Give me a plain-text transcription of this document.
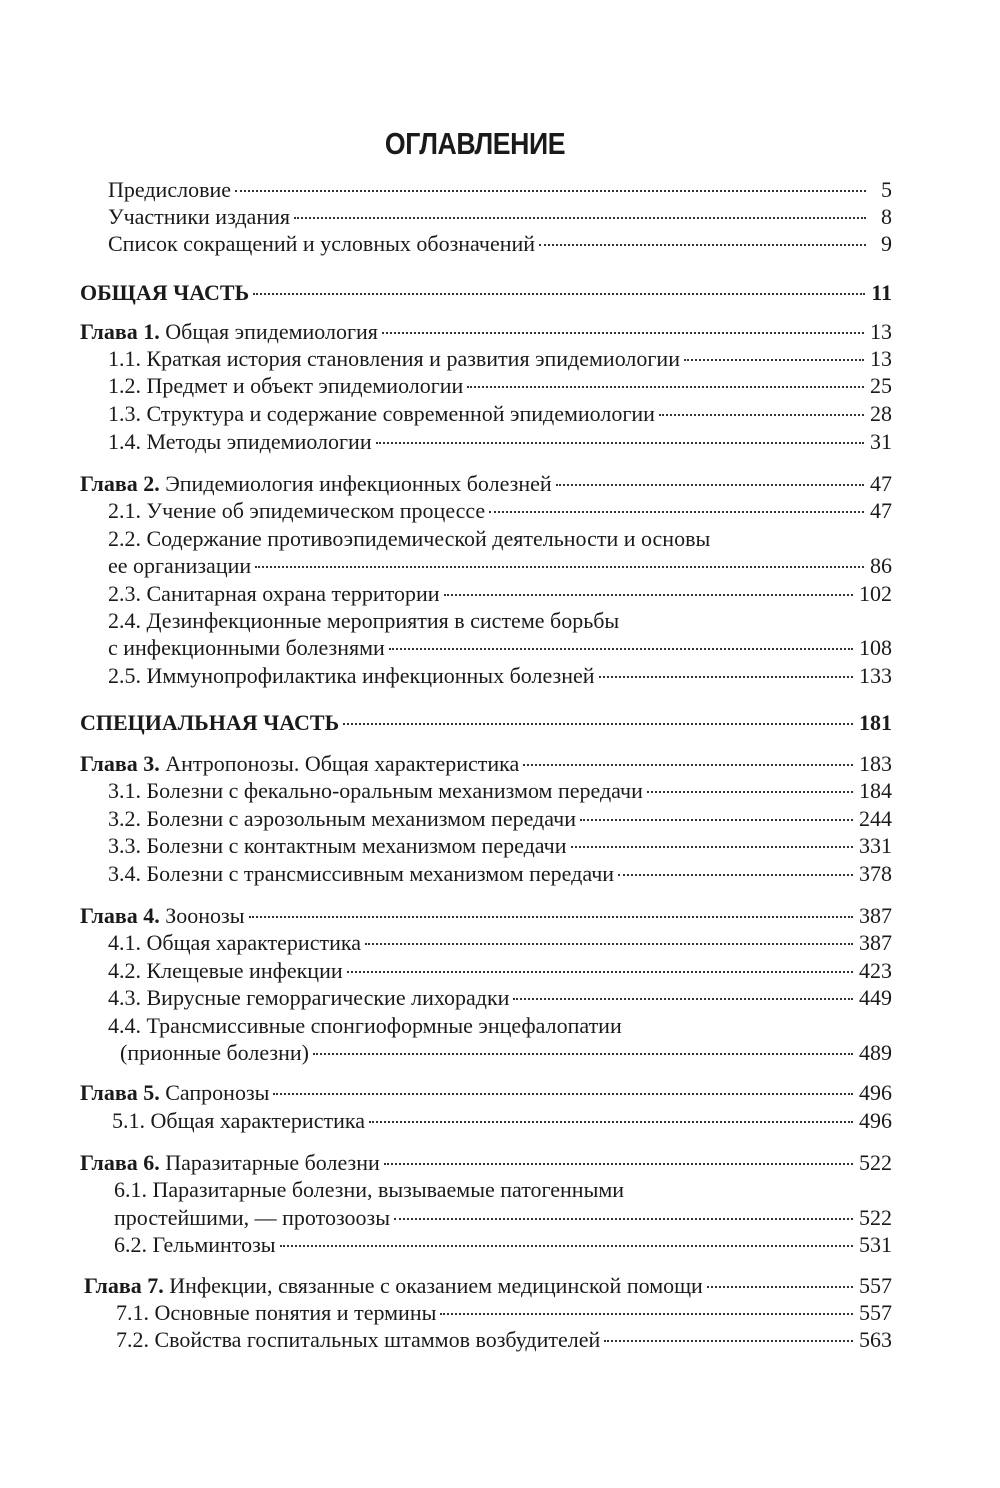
ОГЛАВЛЕНИЕ
Предисловие	5
Участники издания	8
Список сокращений и условных обозначений	9
ОБЩАЯ ЧАСТЬ	11
Глава 1. Общая эпидемиология	13
1.1. Краткая история становления и развития эпидемиологии	13
1.2. Предмет и объект эпидемиологии	25
1.3. Структура и содержание современной эпидемиологии	28
1.4. Методы эпидемиологии	31
Глава 2. Эпидемиология инфекционных болезней	47
2.1. Учение об эпидемическом процессе	47
2.2. Содержание противоэпидемической деятельности и основы
ее организации	86
2.3. Санитарная охрана территории	102
2.4. Дезинфекционные мероприятия в системе борьбы
с инфекционными болезнями	108
2.5. Иммунопрофилактика инфекционных болезней	133
СПЕЦИАЛЬНАЯ ЧАСТЬ	181
Глава 3. Антропонозы. Общая характеристика	183
3.1. Болезни с фекально-оральным механизмом передачи	184
3.2. Болезни с аэрозольным механизмом передачи	244
3.3. Болезни с контактным механизмом передачи	331
3.4. Болезни с трансмиссивным механизмом передачи	378
Глава 4. Зоонозы	387
4.1. Общая характеристика	387
4.2. Клещевые инфекции	423
4.3. Вирусные геморрагические лихорадки	449
4.4. Трансмиссивные спонгиоформные энцефалопатии
(прионные болезни)	489
Глава 5. Сапронозы	496
5.1. Общая характеристика	496
Глава 6. Паразитарные болезни	522
6.1. Паразитарные болезни, вызываемые патогенными
простейшими, — протозоозы	522
6.2. Гельминтозы	531
Глава 7. Инфекции, связанные с оказанием медицинской помощи	557
7.1. Основные понятия и термины	557
7.2. Свойства госпитальных штаммов возбудителей	563
